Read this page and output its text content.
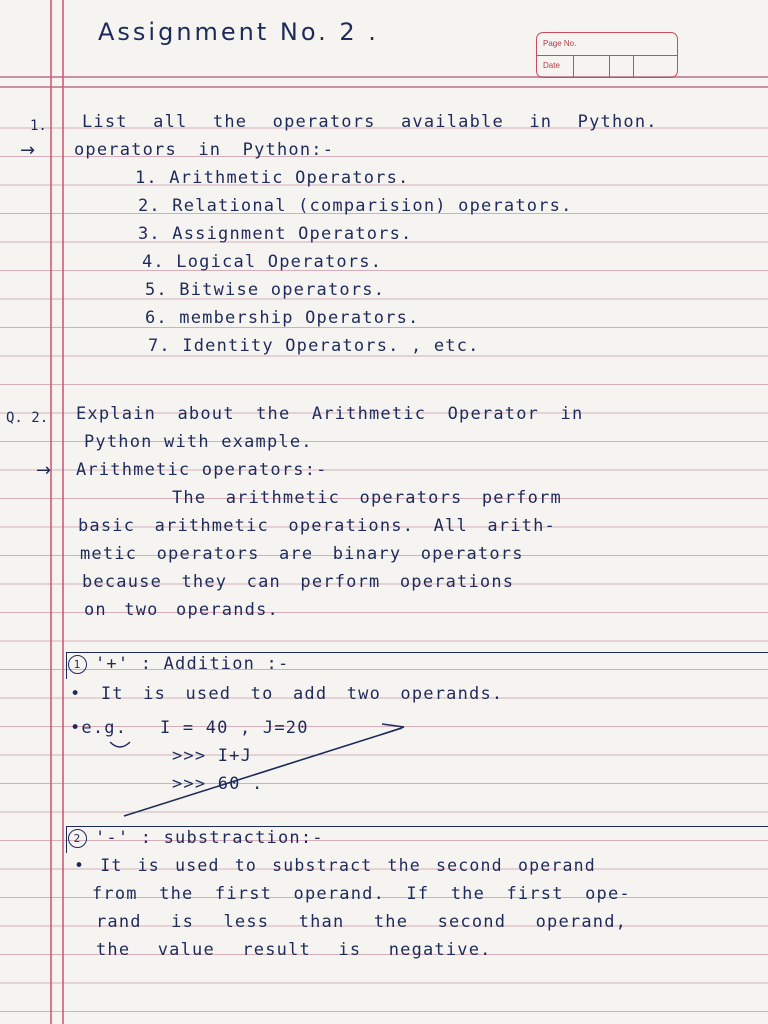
Assignment No. 2 .	Page No.
Date
1. List all the operators available in Python.
→ operators in Python:-
1. Arithmetic Operators.
2. Relational (comparision) operators.
3. Assignment Operators.
4. Logical Operators.
5. Bitwise operators.
6. membership Operators.
7. Identity Operators. , etc.
Q. 2. Explain about the Arithmetic Operator in
Python with example.
→ Arithmetic operators:-
The arithmetic operators perform
basic arithmetic operations. All arith-
metic operators are binary operators
because they can perform operations
on two operands.
1 '+' : Addition :-
• It is used to add two operands.
•e.g. I = 40 , J=20
>>> I+J
>>> 60 .
2 '-' : substraction:-
• It is used to substract the second operand
from the first operand. If the first ope-
rand is less than the second operand,
the value result is negative.
